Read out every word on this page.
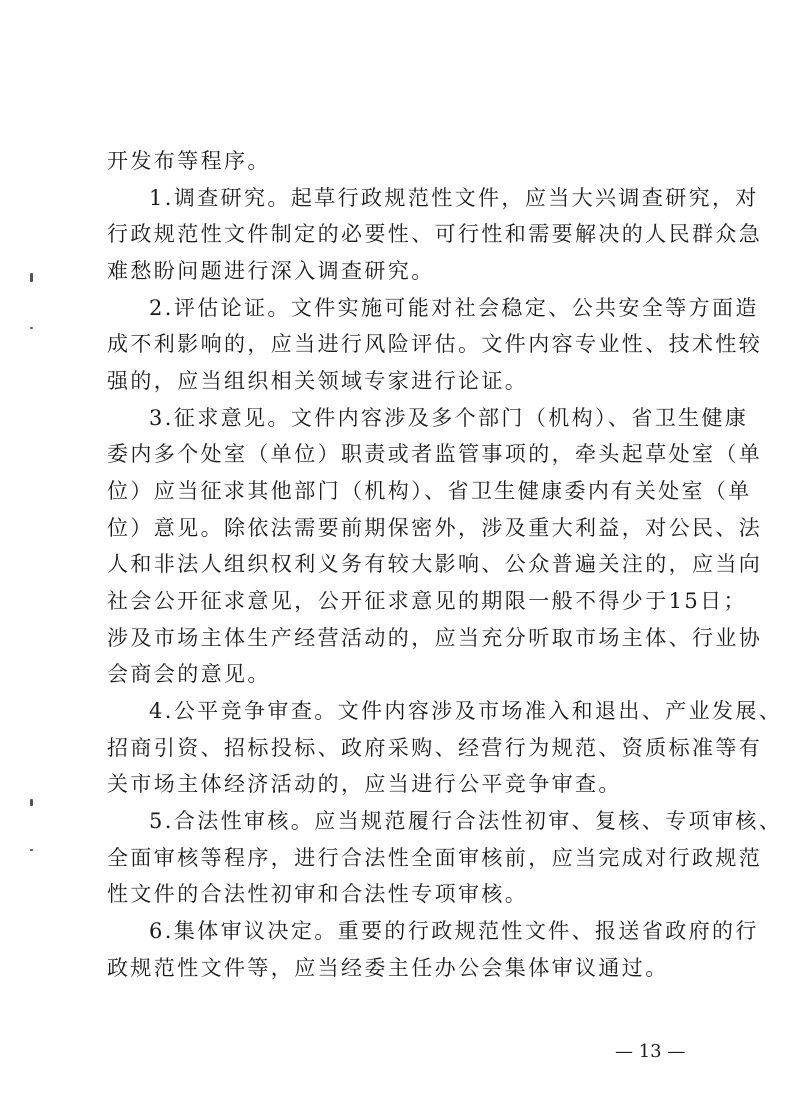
开发布等程序。
1.调查研究。起草行政规范性文件，应当大兴调查研究，对
行政规范性文件制定的必要性、可行性和需要解决的人民群众急
难愁盼问题进行深入调查研究。
2.评估论证。文件实施可能对社会稳定、公共安全等方面造
成不利影响的，应当进行风险评估。文件内容专业性、技术性较
强的，应当组织相关领域专家进行论证。
3.征求意见。文件内容涉及多个部门（机构）、省卫生健康
委内多个处室（单位）职责或者监管事项的，牵头起草处室（单
位）应当征求其他部门（机构）、省卫生健康委内有关处室（单
位）意见。除依法需要前期保密外，涉及重大利益，对公民、法
人和非法人组织权利义务有较大影响、公众普遍关注的，应当向
社会公开征求意见，公开征求意见的期限一般不得少于15日；
涉及市场主体生产经营活动的，应当充分听取市场主体、行业协
会商会的意见。
4.公平竞争审查。文件内容涉及市场准入和退出、产业发展、
招商引资、招标投标、政府采购、经营行为规范、资质标准等有
关市场主体经济活动的，应当进行公平竞争审查。
5.合法性审核。应当规范履行合法性初审、复核、专项审核、
全面审核等程序，进行合法性全面审核前，应当完成对行政规范
性文件的合法性初审和合法性专项审核。
6.集体审议决定。重要的行政规范性文件、报送省政府的行
政规范性文件等，应当经委主任办公会集体审议通过。
— 13 —
